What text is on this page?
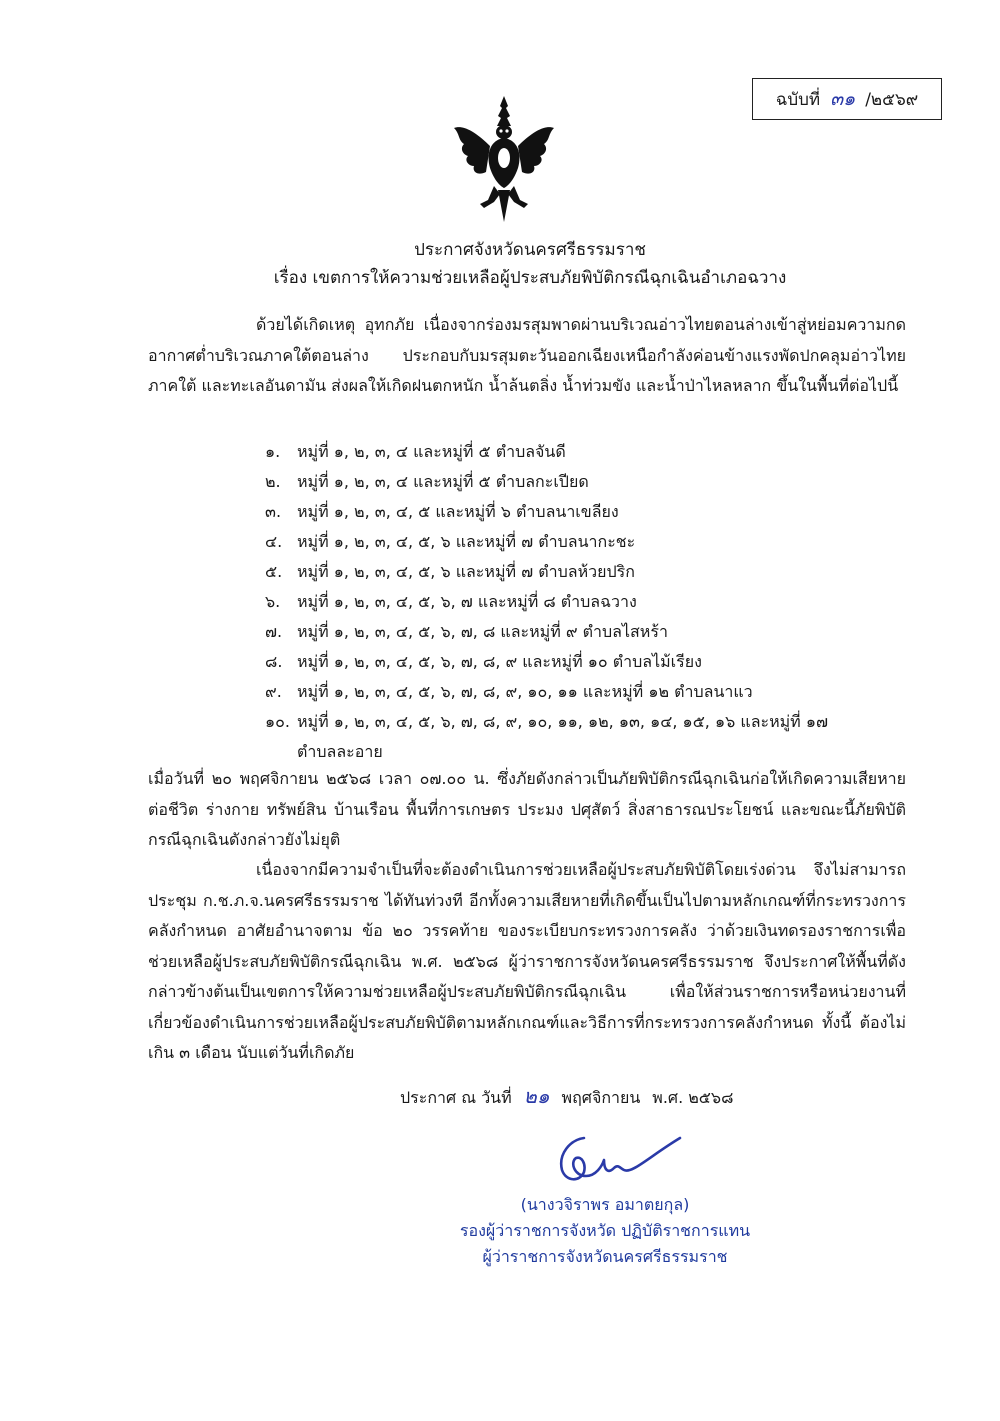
ฉบับที่ ๓๑ /๒๕๖๙
ประกาศจังหวัดนครศรีธรรมราช
เรื่อง เขตการให้ความช่วยเหลือผู้ประสบภัยพิบัติกรณีฉุกเฉินอำเภอฉวาง
ด้วยได้เกิดเหตุ อุทกภัย เนื่องจากร่องมรสุมพาดผ่านบริเวณอ่าวไทยตอนล่างเข้าสู่หย่อมความกดอากาศต่ำบริเวณภาคใต้ตอนล่าง ประกอบกับมรสุมตะวันออกเฉียงเหนือกำลังค่อนข้างแรงพัดปกคลุมอ่าวไทย ภาคใต้ และทะเลอันดามัน ส่งผลให้เกิดฝนตกหนัก น้ำล้นตลิ่ง น้ำท่วมขัง และน้ำป่าไหลหลาก ขึ้นในพื้นที่ต่อไปนี้
๑.	หมู่ที่ ๑, ๒, ๓, ๔ และหมู่ที่ ๕ ตำบลจันดี
๒.	หมู่ที่ ๑, ๒, ๓, ๔ และหมู่ที่ ๕ ตำบลกะเปียด
๓. หมู่ที่ ๑, ๒, ๓, ๔, ๕ และหมู่ที่ ๖ ตำบลนาเขลียง
๔. หมู่ที่ ๑, ๒, ๓, ๔, ๕, ๖ และหมู่ที่ ๗ ตำบลนากะชะ
๕. หมู่ที่ ๑, ๒, ๓, ๔, ๕, ๖ และหมู่ที่ ๗ ตำบลห้วยปริก
๖.	หมู่ที่ ๑, ๒, ๓, ๔, ๕, ๖, ๗ และหมู่ที่ ๘ ตำบลฉวาง
๗. หมู่ที่ ๑, ๒, ๓, ๔, ๕, ๖, ๗, ๘ และหมู่ที่ ๙ ตำบลไสหร้า
๘. หมู่ที่ ๑, ๒, ๓, ๔, ๕, ๖, ๗, ๘, ๙ และหมู่ที่ ๑๐ ตำบลไม้เรียง
๙. หมู่ที่ ๑, ๒, ๓, ๔, ๕, ๖, ๗, ๘, ๙, ๑๐, ๑๑ และหมู่ที่ ๑๒ ตำบลนาแว
๑๐. หมู่ที่ ๑, ๒, ๓, ๔, ๕, ๖, ๗, ๘, ๙, ๑๐, ๑๑, ๑๒, ๑๓, ๑๔, ๑๕, ๑๖ และหมู่ที่ ๑๗
ตำบลละอาย
เมื่อวันที่ ๒๐ พฤศจิกายน ๒๕๖๘ เวลา ๐๗.๐๐ น. ซึ่งภัยดังกล่าวเป็นภัยพิบัติกรณีฉุกเฉินก่อให้เกิดความเสียหายต่อชีวิต ร่างกาย ทรัพย์สิน บ้านเรือน พื้นที่การเกษตร ประมง ปศุสัตว์ สิ่งสาธารณประโยชน์ และขณะนี้ภัยพิบัติกรณีฉุกเฉินดังกล่าวยังไม่ยุติ
เนื่องจากมีความจำเป็นที่จะต้องดำเนินการช่วยเหลือผู้ประสบภัยพิบัติโดยเร่งด่วน จึงไม่สามารถประชุม ก.ช.ภ.จ.นครศรีธรรมราช ได้ทันท่วงที อีกทั้งความเสียหายที่เกิดขึ้นเป็นไปตามหลักเกณฑ์ที่กระทรวงการคลังกำหนด อาศัยอำนาจตาม ข้อ ๒๐ วรรคท้าย ของระเบียบกระทรวงการคลัง ว่าด้วยเงินทดรองราชการเพื่อช่วยเหลือผู้ประสบภัยพิบัติกรณีฉุกเฉิน พ.ศ. ๒๕๖๘ ผู้ว่าราชการจังหวัดนครศรีธรรมราช จึงประกาศให้พื้นที่ดังกล่าวข้างต้นเป็นเขตการให้ความช่วยเหลือผู้ประสบภัยพิบัติกรณีฉุกเฉิน เพื่อให้ส่วนราชการหรือหน่วยงานที่เกี่ยวข้องดำเนินการช่วยเหลือผู้ประสบภัยพิบัติตามหลักเกณฑ์และวิธีการที่กระทรวงการคลังกำหนด ทั้งนี้ ต้องไม่เกิน ๓ เดือน นับแต่วันที่เกิดภัย
ประกาศ ณ วันที่ ๒๑ พฤศจิกายน พ.ศ. ๒๕๖๘
(นางวจิราพร อมาตยกุล)
รองผู้ว่าราชการจังหวัด ปฏิบัติราชการแทน
ผู้ว่าราชการจังหวัดนครศรีธรรมราช
